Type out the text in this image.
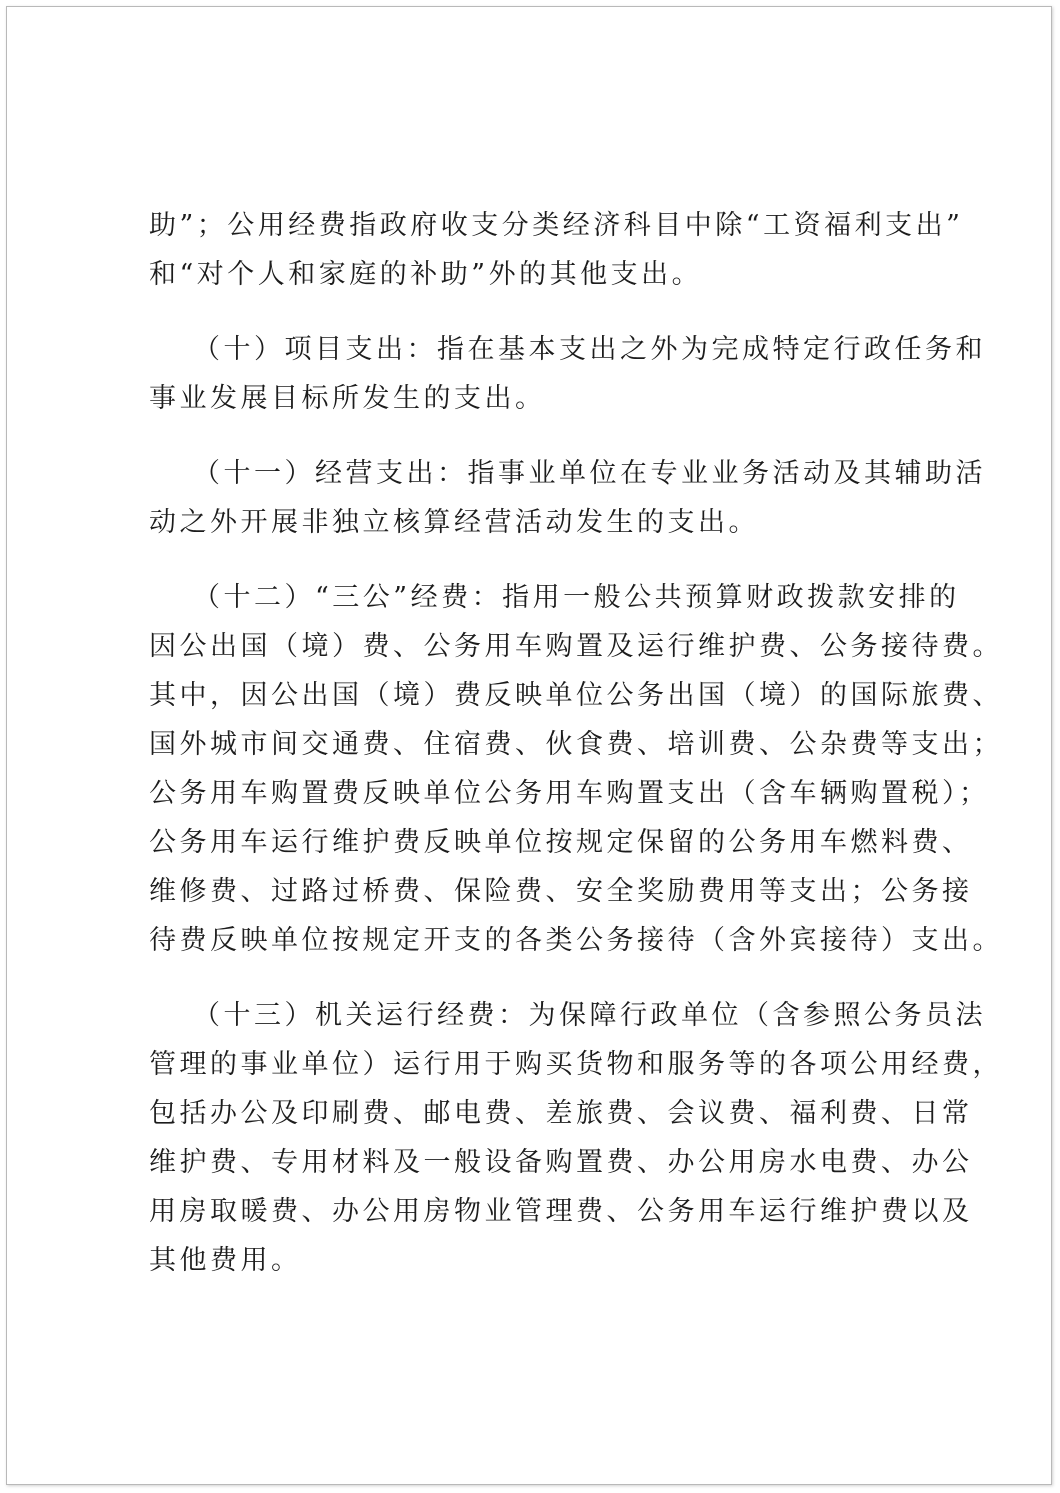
助”；公用经费指政府收支分类经济科目中除“工资福利支出”
和“对个人和家庭的补助”外的其他支出。
（十）项目支出：指在基本支出之外为完成特定行政任务和
事业发展目标所发生的支出。
（十一）经营支出：指事业单位在专业业务活动及其辅助活
动之外开展非独立核算经营活动发生的支出。
（十二）“三公”经费：指用一般公共预算财政拨款安排的
因公出国（境）费、公务用车购置及运行维护费、公务接待费。
其中，因公出国（境）费反映单位公务出国（境）的国际旅费、
国外城市间交通费、住宿费、伙食费、培训费、公杂费等支出；
公务用车购置费反映单位公务用车购置支出（含车辆购置税）；
公务用车运行维护费反映单位按规定保留的公务用车燃料费、
维修费、过路过桥费、保险费、安全奖励费用等支出；公务接
待费反映单位按规定开支的各类公务接待（含外宾接待）支出。
（十三）机关运行经费：为保障行政单位（含参照公务员法
管理的事业单位）运行用于购买货物和服务等的各项公用经费，
包括办公及印刷费、邮电费、差旅费、会议费、福利费、日常
维护费、专用材料及一般设备购置费、办公用房水电费、办公
用房取暖费、办公用房物业管理费、公务用车运行维护费以及
其他费用。
